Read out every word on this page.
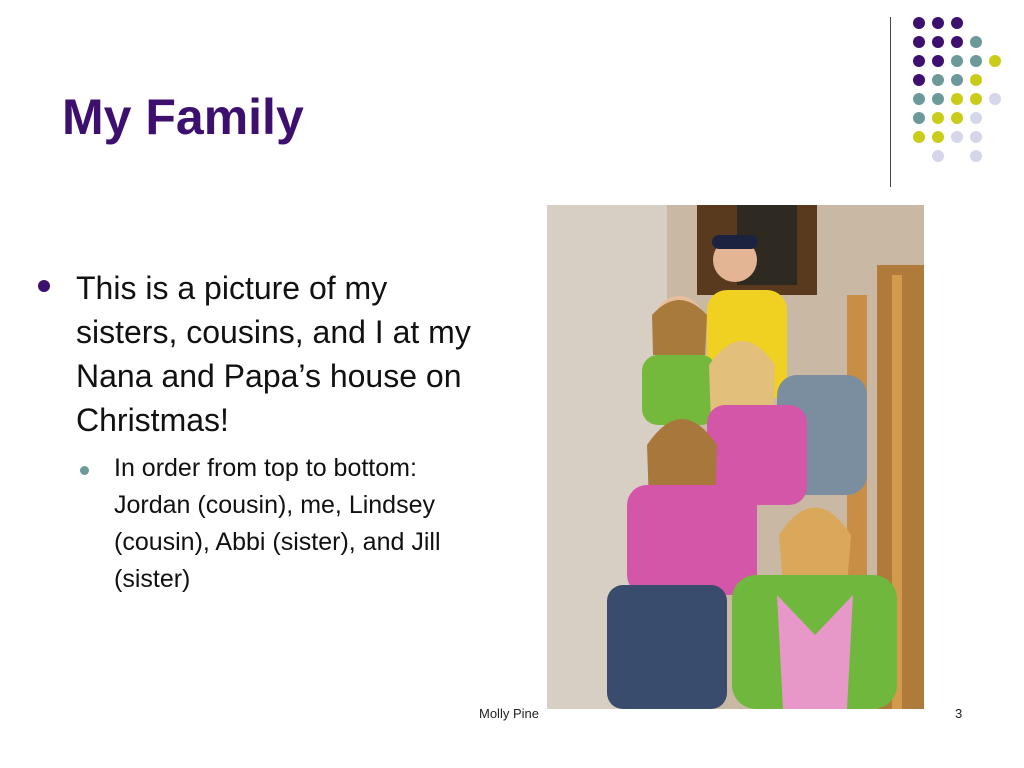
My Family
This is a picture of my sisters, cousins, and I at my Nana and Papa’s house on Christmas!
In order from top to bottom:  Jordan (cousin), me, Lindsey (cousin), Abbi (sister), and Jill (sister)
Molly Pine	3
